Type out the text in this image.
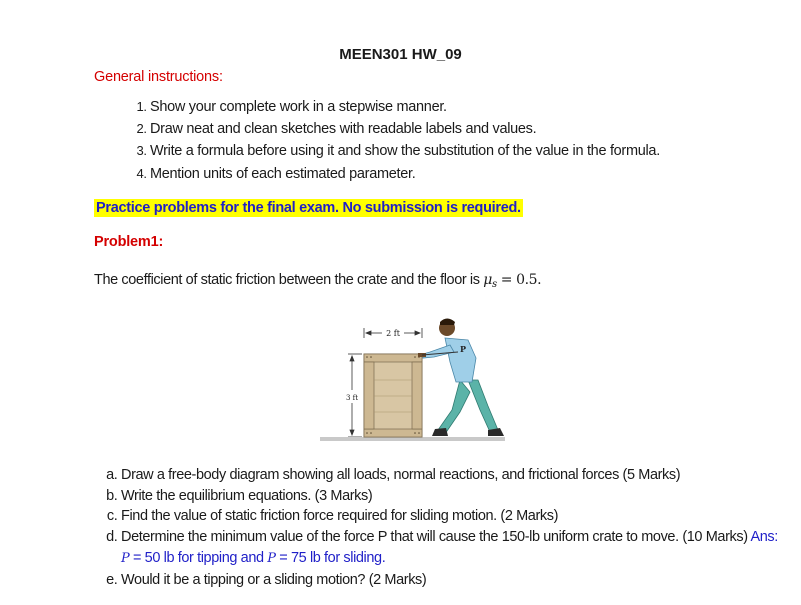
MEEN301 HW_09
General instructions:
1. Show your complete work in a stepwise manner.
2. Draw neat and clean sketches with readable labels and values.
3. Write a formula before using it and show the substitution of the value in the formula.
4. Mention units of each estimated parameter.
Practice problems for the final exam. No submission is required.
Problem1:
The coefficient of static friction between the crate and the floor is $\mu_s = 0.5$.
2 ft
3 ft
P
a. Draw a free-body diagram showing all loads, normal reactions, and frictional forces (5 Marks)
b. Write the equilibrium equations. (3 Marks)
c. Find the value of static friction force required for sliding motion. (2 Marks)
d. Determine the minimum value of the force P that will cause the 150-lb uniform crate to move. (10 Marks) Ans: P = 50 lb for tipping and P = 75 lb for sliding.
e. Would it be a tipping or a sliding motion? (2 Marks)
